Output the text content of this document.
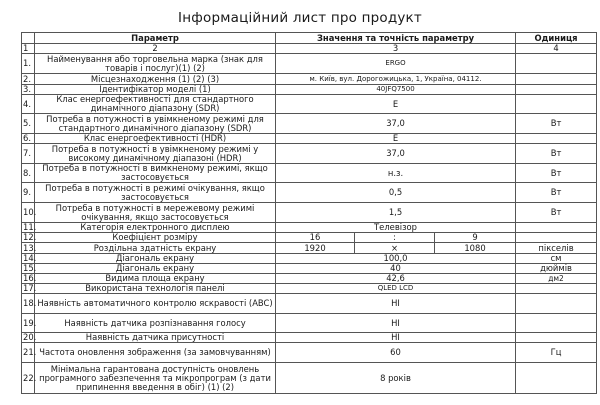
Інформаційний лист про продукт
	Параметр	Значення та точність параметру			Одиниця
1	2	3			4
1.	Найменування або торговельна марка (знак для товарів і послуг)(1) (2)	ERGO			
2.	Місцезнаходження (1) (2) (3)	м. Київ, вул. Дорогожицька, 1, Україна, 04112.			
3.	Ідентифікатор моделі (1)	40JFQ7500			
4.	Клас енергоефективності для стандартного динамічного діапазону (SDR)	E			
5.	Потреба в потужності в увімкненому режимі для стандартного динамічного діапазону (SDR)	37,0			Вт
6.	Клас енергоефективності (HDR)	E			
7.	Потреба в потужності в увімкненому режимі у високому динамічному діапазоні (HDR)	37,0			Вт
8.	Потреба в потужності в вимкненому режимі, якщо застосовується	н.з.			Вт
9.	Потреба в потужності в режимі очікування, якщо застосовується	0,5			Вт
10.	Потреба в потужності в мережевому режимі очікування, якщо застосовується	1,5			Вт
11.	Категорія електронного дисплею	Телевізор			
12.	Коефіцієнт розміру	16	:	9	
13.	Роздільна здатність екрану	1920	×	1080	пікселів
14.	Діагональ екрану	100,0			см
15.	Діагональ екрану	40			дюймів
16.	Видима площа екрану	42,6			дм2
17.	Використана технологія панелі	QLED LCD			
18.	Наявність автоматичного контролю яскравості (ABC)	НІ			
19.	Наявність датчика розпізнавання голосу	НІ			
20.	Наявність датчика присутності	НІ			
21.	Частота оновлення зображення (за замовчуванням)	60			Гц
22.	Мінімальна гарантована доступність оновлень програмного забезпечення та мікропрограм (з дати припинення введення в обіг) (1) (2)	8 років			
